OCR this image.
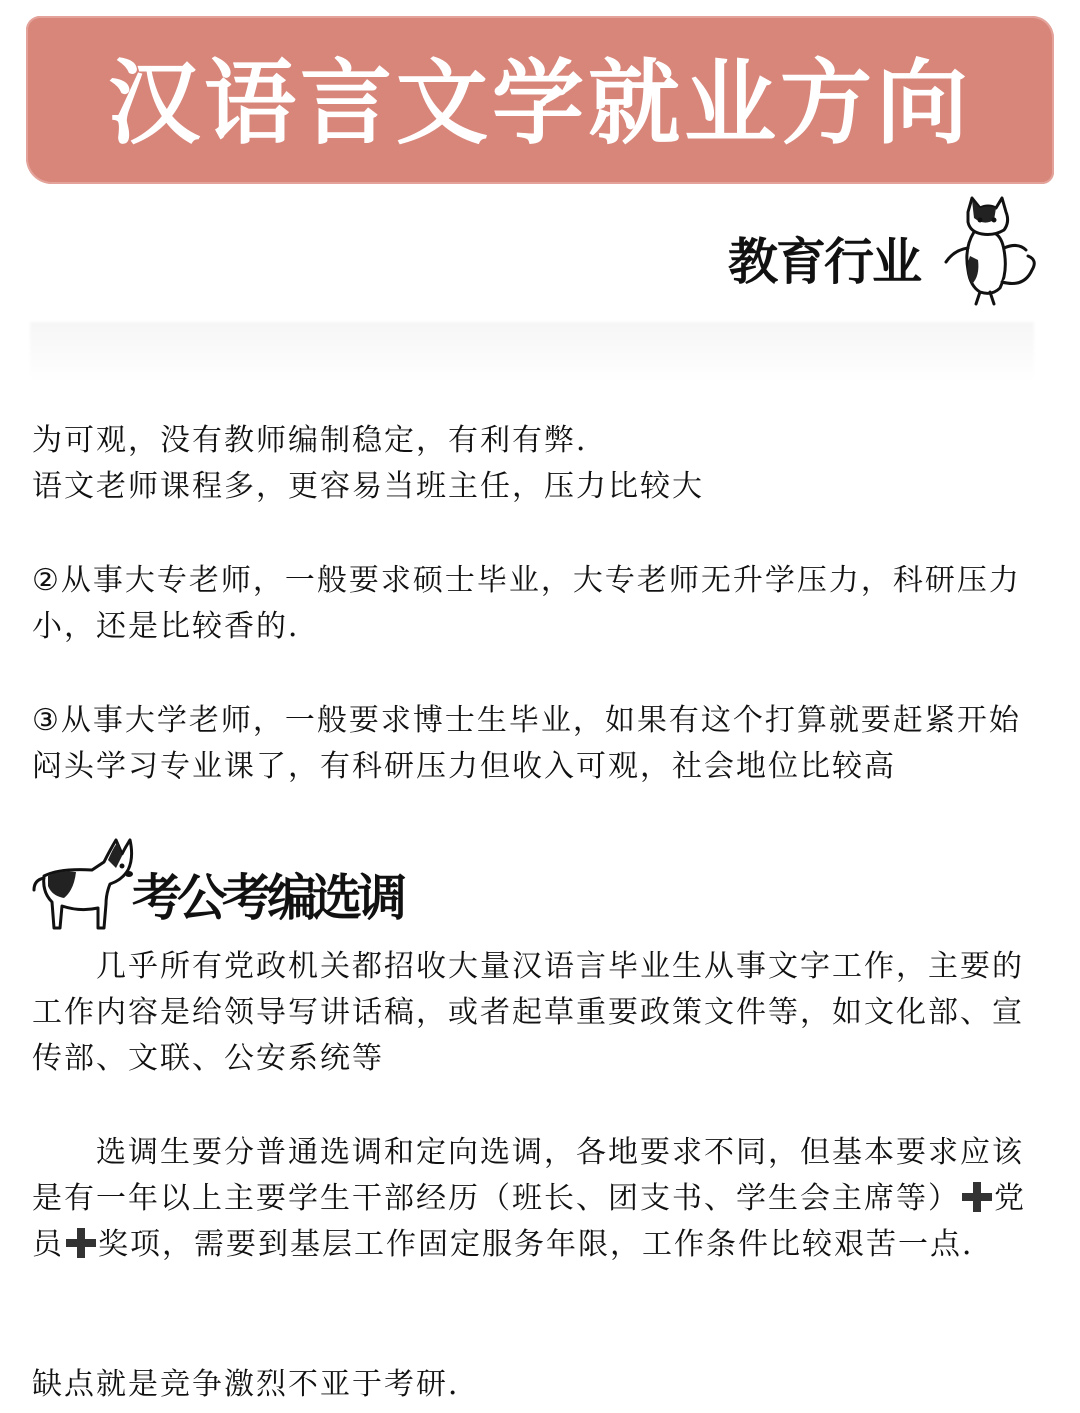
汉语言文学就业方向
教育行业

为可观，没有教师编制稳定，有利有弊．

语文老师课程多，更容易当班主任，压力比较大

②从事大专老师，一般要求硕士毕业，大专老师无升学压力，科研压力小，还是比较香的．

③从事大学老师，一般要求博士生毕业，如果有这个打算就要赶紧开始闷头学习专业课了，有科研压力但收入可观，社会地位比较高

考公考编选调

几乎所有党政机关都招收大量汉语言毕业生从事文字工作，主要的工作内容是给领导写讲话稿，或者起草重要政策文件等，如文化部、宣传部、文联、公安系统等

选调生要分普通选调和定向选调，各地要求不同，但基本要求应该是有一年以上主要学生干部经历（班长、团支书、学生会主席等） 党员 奖项，需要到基层工作固定服务年限，工作条件比较艰苦一点．

缺点就是竞争激烈不亚于考研．
